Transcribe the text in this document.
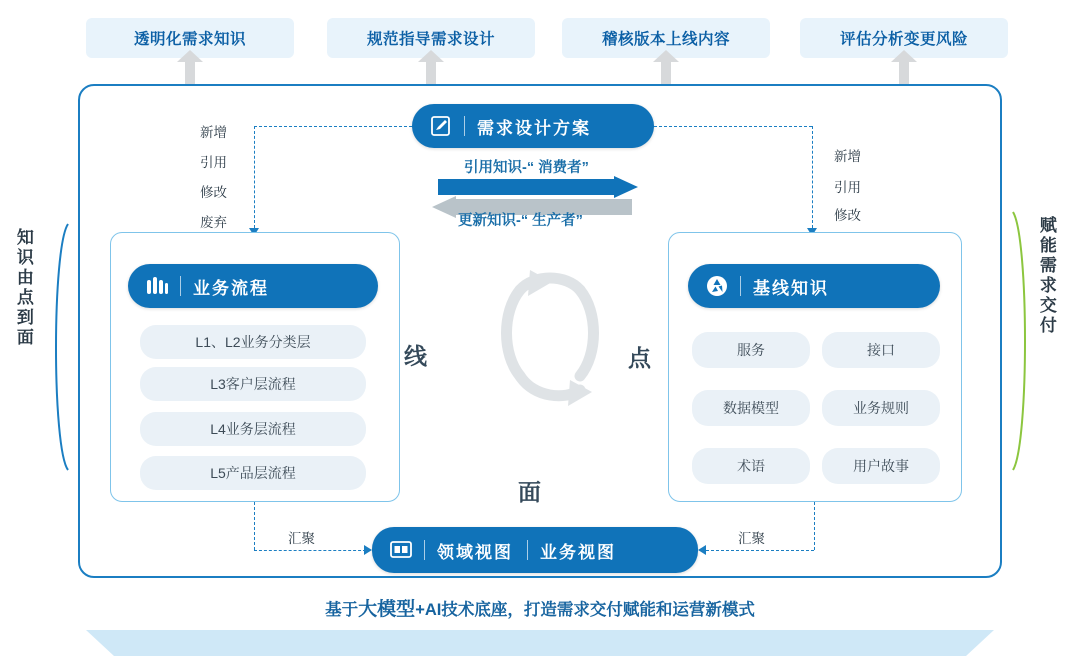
透明化需求知识	规范指导需求设计	稽核版本上线内容	评估分析变更风险
知识由点到面	赋能需求交付
需求设计方案
新增
引用
修改
废弃
新增
引用
修改
引用知识-“ 消费者”
更新知识-“ 生产者”
线	点
面
业务流程
L1、L2业务分类层
L3客户层流程
L4业务层流程
L5产品层流程
基线知识
服务	接口
数据模型	业务规则
术语	用户故事
汇聚	汇聚
领域视图	业务视图
基于大模型+AI技术底座，打造需求交付赋能和运营新模式
